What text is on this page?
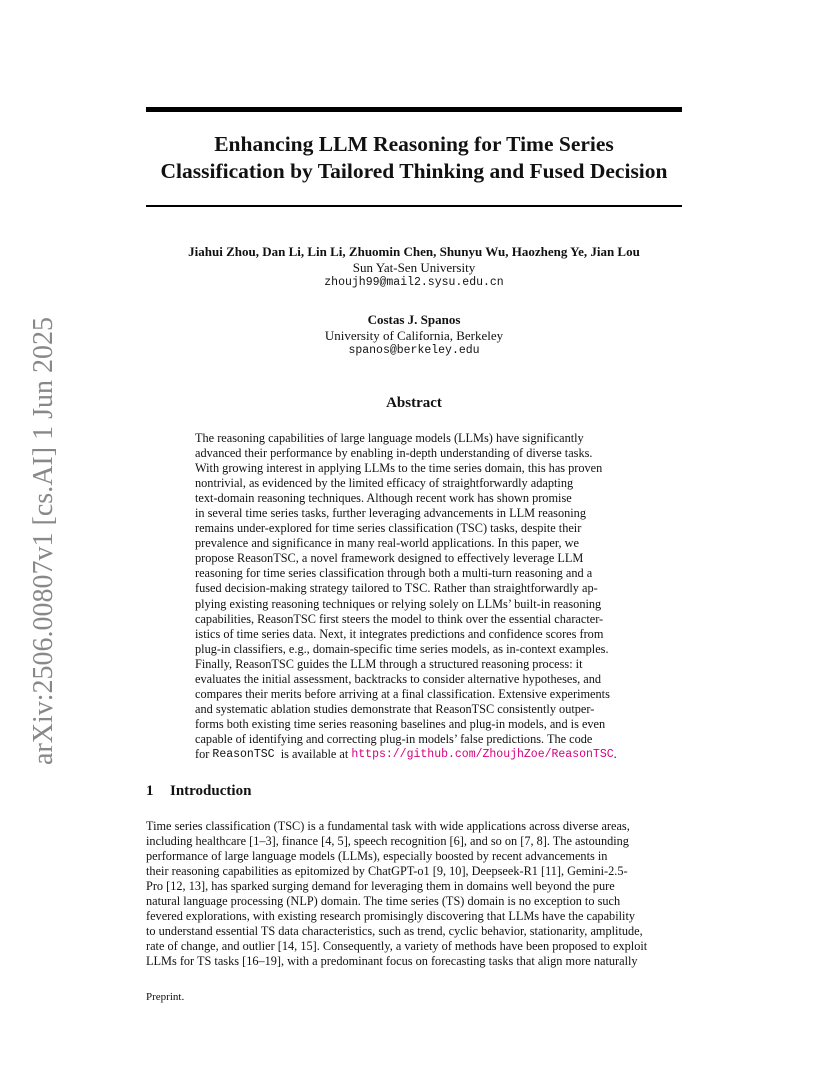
arXiv:2506.00807v1 [cs.AI] 1 Jun 2025
Enhancing LLM Reasoning for Time Series
Classification by Tailored Thinking and Fused Decision
Jiahui Zhou, Dan Li, Lin Li, Zhuomin Chen, Shunyu Wu, Haozheng Ye, Jian Lou
Sun Yat-Sen University
zhoujh99@mail2.sysu.edu.cn
Costas J. Spanos
University of California, Berkeley
spanos@berkeley.edu
Abstract
The reasoning capabilities of large language models (LLMs) have significantly
advanced their performance by enabling in-depth understanding of diverse tasks.
With growing interest in applying LLMs to the time series domain, this has proven
nontrivial, as evidenced by the limited efficacy of straightforwardly adapting
text-domain reasoning techniques. Although recent work has shown promise
in several time series tasks, further leveraging advancements in LLM reasoning
remains under-explored for time series classification (TSC) tasks, despite their
prevalence and significance in many real-world applications. In this paper, we
propose ReasonTSC, a novel framework designed to effectively leverage LLM
reasoning for time series classification through both a multi-turn reasoning and a
fused decision-making strategy tailored to TSC. Rather than straightforwardly ap-
plying existing reasoning techniques or relying solely on LLMs’ built-in reasoning
capabilities, ReasonTSC first steers the model to think over the essential character-
istics of time series data. Next, it integrates predictions and confidence scores from
plug-in classifiers, e.g., domain-specific time series models, as in-context examples.
Finally, ReasonTSC guides the LLM through a structured reasoning process: it
evaluates the initial assessment, backtracks to consider alternative hypotheses, and
compares their merits before arriving at a final classification. Extensive experiments
and systematic ablation studies demonstrate that ReasonTSC consistently outper-
forms both existing time series reasoning baselines and plug-in models, and is even
capable of identifying and correcting plug-in models’ false predictions. The code
for ReasonTSC is available at https://github.com/ZhoujhZoe/ReasonTSC .
1 Introduction
Time series classification (TSC) is a fundamental task with wide applications across diverse areas,
including healthcare [1–3], finance [4, 5], speech recognition [6], and so on [7, 8]. The astounding
performance of large language models (LLMs), especially boosted by recent advancements in
their reasoning capabilities as epitomized by ChatGPT-o1 [9, 10], Deepseek-R1 [11], Gemini-2.5-
Pro [12, 13], has sparked surging demand for leveraging them in domains well beyond the pure
natural language processing (NLP) domain. The time series (TS) domain is no exception to such
fevered explorations, with existing research promisingly discovering that LLMs have the capability
to understand essential TS data characteristics, such as trend, cyclic behavior, stationarity, amplitude,
rate of change, and outlier [14, 15]. Consequently, a variety of methods have been proposed to exploit
LLMs for TS tasks [16–19], with a predominant focus on forecasting tasks that align more naturally
Preprint.
